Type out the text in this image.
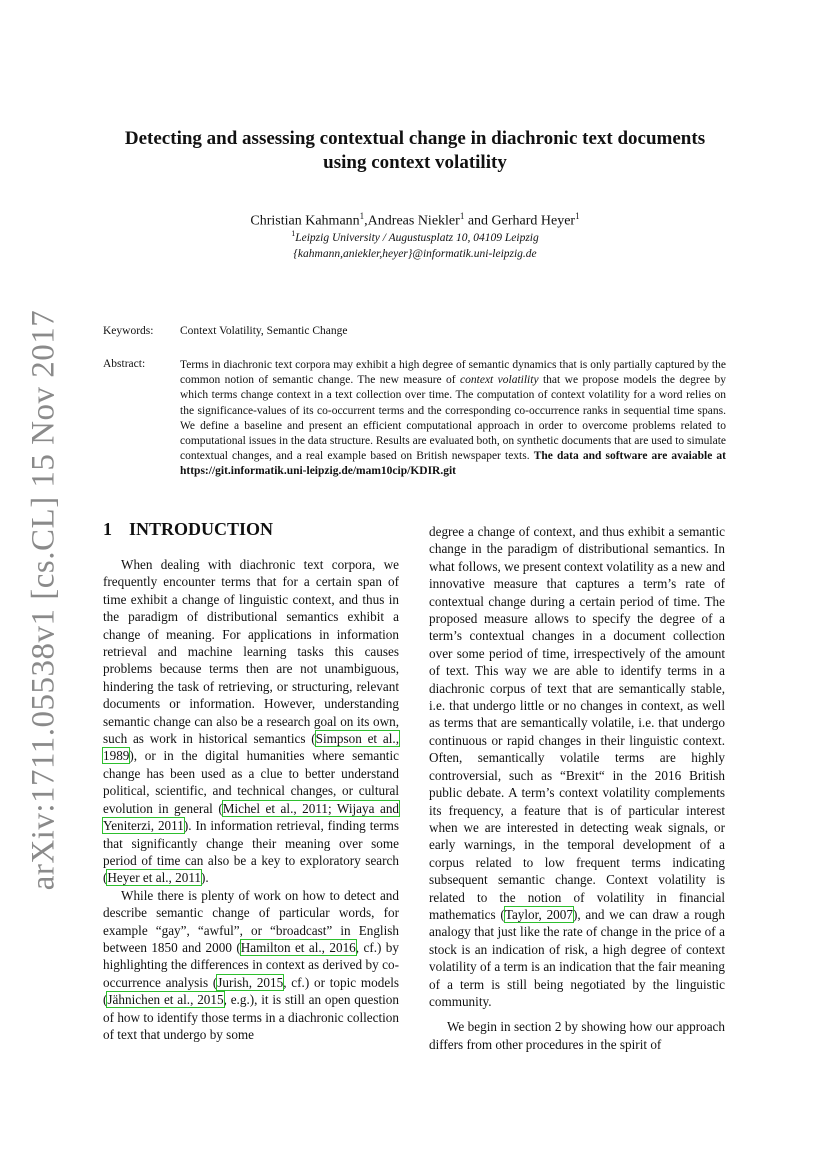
arXiv:1711.05538v1 [cs.CL] 15 Nov 2017
Detecting and assessing contextual change in diachronic text documents
using context volatility
Christian Kahmann$^1$,Andreas Niekler$^1$ and Gerhard Heyer$^1$
$^1$Leipzig University / Augustusplatz 10, 04109 Leipzig
{kahmann,aniekler,heyer}@informatik.uni-leipzig.de
Keywords: Context Volatility, Semantic Change
Abstract:	Terms in diachronic text corpora may exhibit a high degree of semantic dynamics that is only partially captured by the common notion of semantic change. The new measure of context volatility that we propose models the degree by which terms change context in a text collection over time. The computation of context volatility for a word relies on the significance-values of its co-occurrent terms and the corresponding co-occurrence ranks in sequential time spans. We define a baseline and present an efficient computational approach in order to overcome problems related to computational issues in the data structure. Results are evaluated both, on synthetic documents that are used to simulate contextual changes, and a real example based on British newspaper texts. The data and software are avaiable at https://git.informatik.uni-leipzig.de/mam10cip/KDIR.git
1 INTRODUCTION

When dealing with diachronic text corpora, we frequently encounter terms that for a certain span of time exhibit a change of linguistic context, and thus in the paradigm of distributional semantics exhibit a change of meaning. For applications in information retrieval and machine learning tasks this causes problems because terms then are not unambiguous, hindering the task of retrieving, or structuring, relevant documents or information. However, understanding semantic change can also be a research goal on its own, such as work in historical semantics (Simpson et al., 1989), or in the digital humanities where semantic change has been used as a clue to better understand political, scientific, and technical changes, or cultural evolution in general (Michel et al., 2011; Wijaya and Yeniterzi, 2011). In information retrieval, finding terms that significantly change their meaning over some period of time can also be a key to exploratory search (Heyer et al., 2011).

While there is plenty of work on how to detect and describe semantic change of particular words, for example “gay”, “awful”, or “broadcast” in English between 1850 and 2000 (Hamilton et al., 2016, cf.) by highlighting the differences in context as derived by co-occurrence analysis (Jurish, 2015, cf.) or topic models (Jähnichen et al., 2015, e.g.), it is still an open question of how to identify those terms in a diachronic collection of text that undergo by some

degree a change of context, and thus exhibit a semantic change in the paradigm of distributional semantics. In what follows, we present context volatility as a new and innovative measure that captures a term’s rate of contextual change during a certain period of time. The proposed measure allows to specify the degree of a term’s contextual changes in a document collection over some period of time, irrespectively of the amount of text. This way we are able to identify terms in a diachronic corpus of text that are semantically stable, i.e. that undergo little or no changes in context, as well as terms that are semantically volatile, i.e. that undergo continuous or rapid changes in their linguistic context. Often, semantically volatile terms are highly controversial, such as “Brexit“ in the 2016 British public debate. A term’s context volatility complements its frequency, a feature that is of particular interest when we are interested in detecting weak signals, or early warnings, in the temporal development of a corpus related to low frequent terms indicating subsequent semantic change. Context volatility is related to the notion of volatility in financial mathematics (Taylor, 2007), and we can draw a rough analogy that just like the rate of change in the price of a stock is an indication of risk, a high degree of context volatility of a term is an indication that the fair meaning of a term is still being negotiated by the linguistic community.

We begin in section 2 by showing how our approach differs from other procedures in the spirit of
